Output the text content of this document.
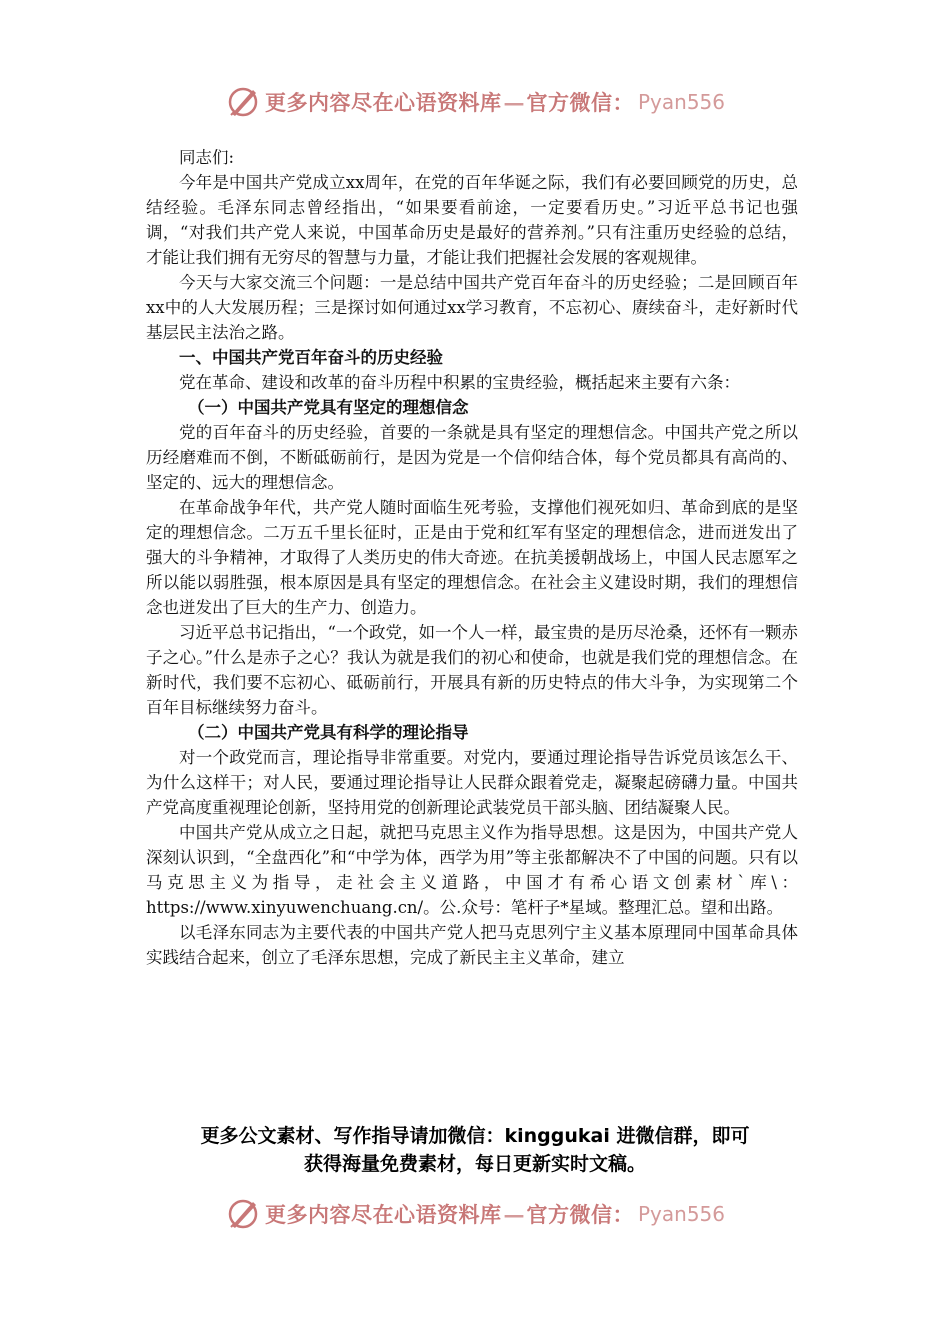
更多内容尽在心语资料库 — 官方微信： Pyan556

同志们:

今年是中国共产党成立xx周年，在党的百年华诞之际，我们有必要回顾党的历史，总结经验。毛泽东同志曾经指出，“如果要看前途，一定要看历史。”习近平总书记也强调，“对我们共产党人来说，中国革命历史是最好的营养剂。”只有注重历史经验的总结，才能让我们拥有无穷尽的智慧与力量，才能让我们把握社会发展的客观规律。

今天与大家交流三个问题：一是总结中国共产党百年奋斗的历史经验；二是回顾百年xx中的人大发展历程；三是探讨如何通过xx学习教育，不忘初心、赓续奋斗，走好新时代基层民主法治之路。

一、中国共产党百年奋斗的历史经验

党在革命、建设和改革的奋斗历程中积累的宝贵经验，概括起来主要有六条：

（一）中国共产党具有坚定的理想信念

党的百年奋斗的历史经验，首要的一条就是具有坚定的理想信念。中国共产党之所以历经磨难而不倒，不断砥砺前行，是因为党是一个信仰结合体，每个党员都具有高尚的、坚定的、远大的理想信念。

在革命战争年代，共产党人随时面临生死考验，支撑他们视死如归、革命到底的是坚定的理想信念。二万五千里长征时，正是由于党和红军有坚定的理想信念，进而迸发出了强大的斗争精神，才取得了人类历史的伟大奇迹。在抗美援朝战场上，中国人民志愿军之所以能以弱胜强，根本原因是具有坚定的理想信念。在社会主义建设时期，我们的理想信念也迸发出了巨大的生产力、创造力。

习近平总书记指出，“一个政党，如一个人一样，最宝贵的是历尽沧桑，还怀有一颗赤子之心。”什么是赤子之心？我认为就是我们的初心和使命，也就是我们党的理想信念。在新时代，我们要不忘初心、砥砺前行，开展具有新的历史特点的伟大斗争，为实现第二个百年目标继续努力奋斗。

（二）中国共产党具有科学的理论指导

对一个政党而言，理论指导非常重要。对党内，要通过理论指导告诉党员该怎么干、为什么这样干；对人民，要通过理论指导让人民群众跟着党走，凝聚起磅礴力量。中国共产党高度重视理论创新，坚持用党的创新理论武装党员干部头脑、团结凝聚人民。

中国共产党从成立之日起，就把马克思主义作为指导思想。这是因为，中国共产党人深刻认识到，“全盘西化”和“中学为体，西学为用”等主张都解决不了中国的问题。只有以马克思主义为指导，走社会主义道路，中国才有希心语文创素材`库\：https://www.xinyuwenchuang.cn/。公.众号：笔杆子*星域。整理汇总。望和出路。

以毛泽东同志为主要代表的中国共产党人把马克思列宁主义基本原理同中国革命具体实践结合起来，创立了毛泽东思想，完成了新民主主义革命，建立

更多公文素材、写作指导请加微信：kinggukai 进微信群，即可
获得海量免费素材，每日更新实时文稿。
更多内容尽在心语资料库 — 官方微信： Pyan556
